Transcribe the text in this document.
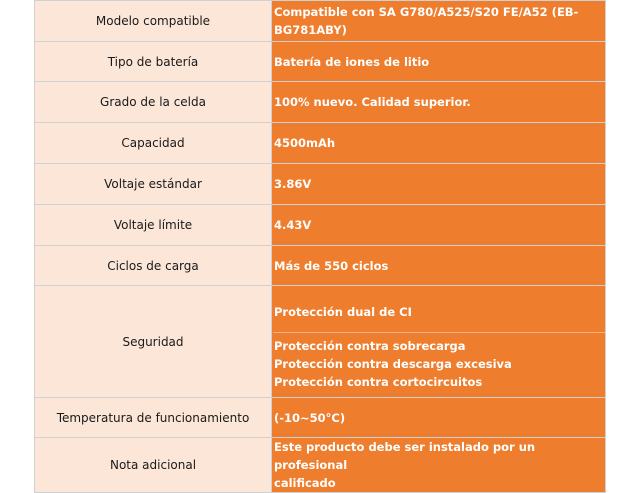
Modelo compatible	Compatible con SA G780/A525/S20 FE/A52 (EB-
BG781ABY)

Tipo de batería	Batería de iones de litio

Grado de la celda	100% nuevo. Calidad superior.

Capacidad	4500mAh

Voltaje estándar	3.86V

Voltaje límite	4.43V

Ciclos de carga	Más de 550 ciclos

Seguridad	Protección dual de CI
Protección contra sobrecarga
Protección contra descarga excesiva
Protección contra cortocircuitos

Temperatura de funcionamiento	(-10~50°C)

Nota adicional	Este producto debe ser instalado por un profesional
calificado
